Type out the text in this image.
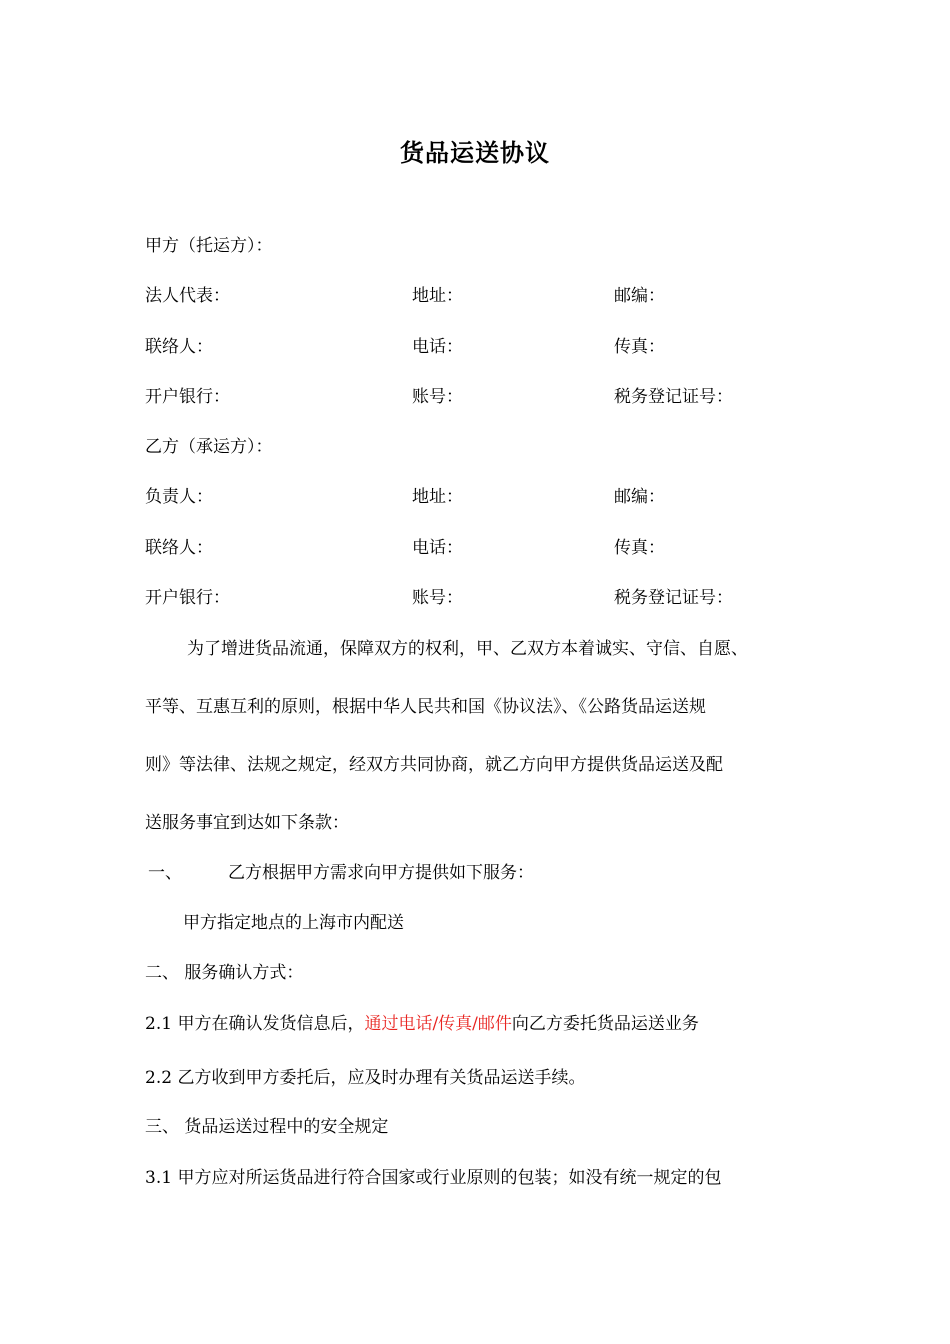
货品运送协议
甲方（托运方）：
法人代表：	地址：	邮编：
联络人：	电话：	传真：
开户银行：	账号：	税务登记证号：
乙方（承运方）：
负责人：	地址：	邮编：
联络人：	电话：	传真：
开户银行：	账号：	税务登记证号：
为了增进货品流通，保障双方的权利，甲、乙双方本着诚实、守信、自愿、
平等、互惠互利的原则，根据中华人民共和国《协议法》、《公路货品运送规
则》等法律、法规之规定，经双方共同协商，就乙方向甲方提供货品运送及配
送服务事宜到达如下条款：
一、	乙方根据甲方需求向甲方提供如下服务：
甲方指定地点的上海市内配送
二、 服务确认方式：
2.1 甲方在确认发货信息后，通过电话/传真/邮件向乙方委托货品运送业务
2.2 乙方收到甲方委托后，应及时办理有关货品运送手续。
三、 货品运送过程中的安全规定
3.1 甲方应对所运货品进行符合国家或行业原则的包装；如没有统一规定的包
